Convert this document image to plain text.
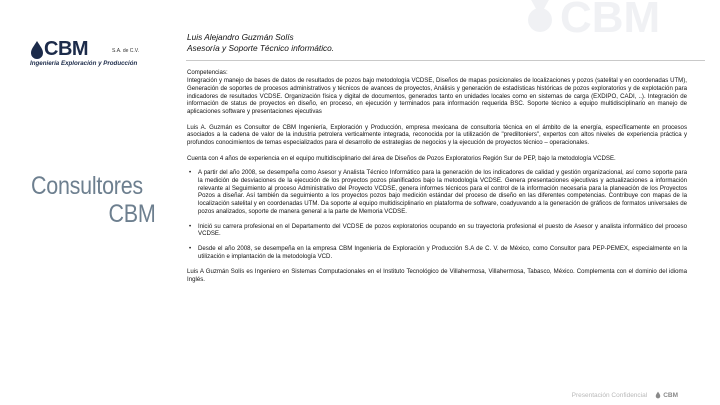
CBM
CBM	S.A. de C.V.
Ingeniería Exploración y Producción
Consultores
CBM
Luis Alejandro Guzmán Solís
Asesoría y Soporte Técnico informático.
Competencias:
Integración y manejo de bases de datos de resultados de pozos bajo metodología VCDSE, Diseños de mapas posicionales de localizaciones y pozos (satelital y en coordenadas UTM), Generación de soportes de procesos administrativos y técnicos de avances de proyectos, Análisis y generación de estadísticas históricas de pozos exploratorios y de explotación para indicadores de resultados VCDSE. Organización física y digital de documentos, generados tanto en unidades locales como en sistemas de carga (EXDIPO, CADI, ..). Integración de información de status de proyectos en diseño, en proceso, en ejecución y terminados para información requerida BSC. Soporte técnico a equipo multidisciplinario en manejo de aplicaciones software y presentaciones ejecutivas
Luis A. Guzmán es Consultor de CBM Ingeniería, Exploración y Producción, empresa mexicana de consultoría técnica en el ámbito de la energía, específicamente en procesos asociados a la cadena de valor de la industria petrolera verticalmente integrada, reconocida por la utilización de "prediltoniers", expertos con altos niveles de experiencia práctica y profundos conocimientos de temas especializados para el desarrollo de estrategias de negocios y la ejecución de proyectos técnico – operacionales.
Cuenta con 4 años de experiencia en el equipo multidisciplinario del área de Diseños de Pozos Exploratorios Región Sur de PEP, bajo la metodología VCDSE.
• A partir del año 2008, se desempeña como Asesor y Analista Técnico Informático para la generación de los indicadores de calidad y gestión organizacional, así como soporte para la medición de desviaciones de la ejecución de los proyectos pozos planificados bajo la metodología VCDSE. Genera presentaciones ejecutivas y actualizaciones a información relevante al Seguimiento al proceso Administrativo del Proyecto VCDSE, genera informes técnicos para el control de la información necesaria para la planeación de los Proyectos Pozos a diseñar. Así también da seguimiento a los proyectos pozos bajo medición estándar del proceso de diseño en las diferentes competencias. Contribuye con mapas de la localización satelital y en coordenadas UTM. Da soporte al equipo multidisciplinario en plataforma de software, coadyuvando a la generación de gráficos de formatos universales de pozos analizados, soporte de manera general a la parte de Memoria VCDSE.
• Inició su carrera profesional en el Departamento del VCDSE de pozos exploratorios ocupando en su trayectoria profesional el puesto de Asesor y analista informático del proceso VCDSE.
• Desde el año 2008, se desempeña en la empresa CBM Ingeniería de Exploración y Producción S.A de C. V. de México, como Consultor para PEP-PEMEX, especialmente en la utilización e implantación de la metodología VCD.
Luis A Guzmán Solís es Ingeniero en Sistemas Computacionales en el Instituto Tecnológico de Villahermosa, Villahermosa, Tabasco, México. Complementa con el dominio del idioma Inglés.
Presentación Confidencial CBM
